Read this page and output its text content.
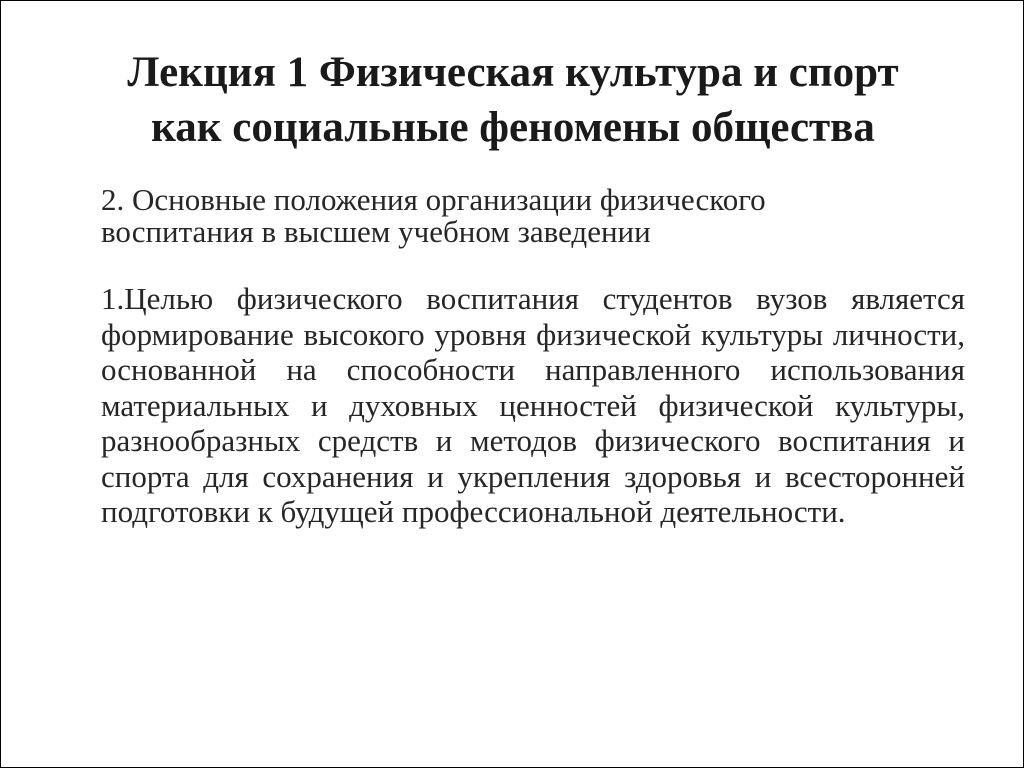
Лекция 1 Физическая культура и спорт
как социальные феномены общества

2. Основные положения организации физического
воспитания в высшем учебном заведении

1.Целью физического воспитания студентов вузов является формирование высокого уровня физической культуры личности, основанной на способности направленного использования материальных и духовных ценностей физической культуры, разнообразных средств и методов физического воспитания и спорта для сохранения и укрепления здоровья и всесторонней подготовки к будущей профессиональной деятельности.
